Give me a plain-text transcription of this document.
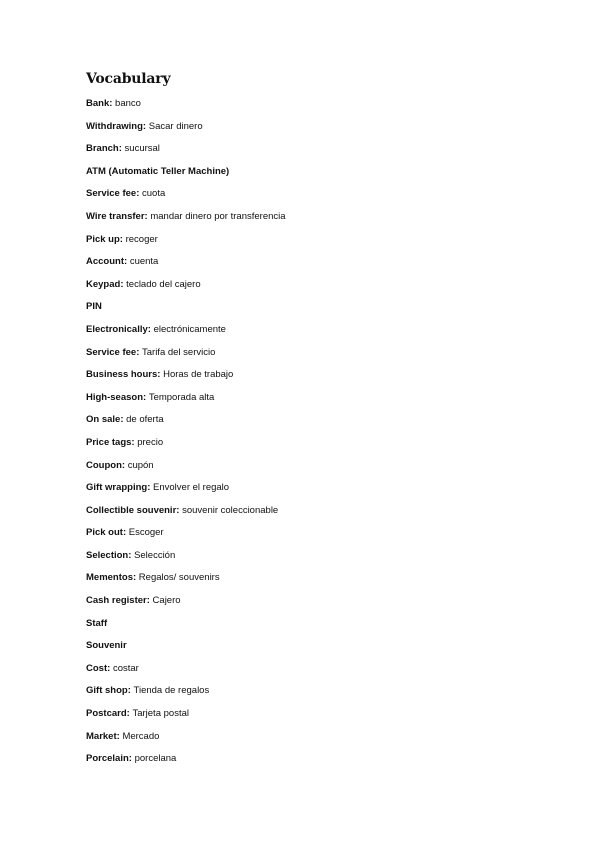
Vocabulary
Bank: banco
Withdrawing: Sacar dinero
Branch: sucursal
ATM (Automatic Teller Machine)
Service fee: cuota
Wire transfer: mandar dinero por transferencia
Pick up: recoger
Account: cuenta
Keypad: teclado del cajero
PIN
Electronically: electrónicamente
Service fee: Tarifa del servicio
Business hours: Horas de trabajo
High-season: Temporada alta
On sale: de oferta
Price tags: precio
Coupon: cupón
Gift wrapping: Envolver el regalo
Collectible souvenir: souvenir coleccionable
Pick out: Escoger
Selection: Selección
Mementos: Regalos/ souvenirs
Cash register: Cajero
Staff
Souvenir
Cost: costar
Gift shop: Tienda de regalos
Postcard: Tarjeta postal
Market: Mercado
Porcelain: porcelana
